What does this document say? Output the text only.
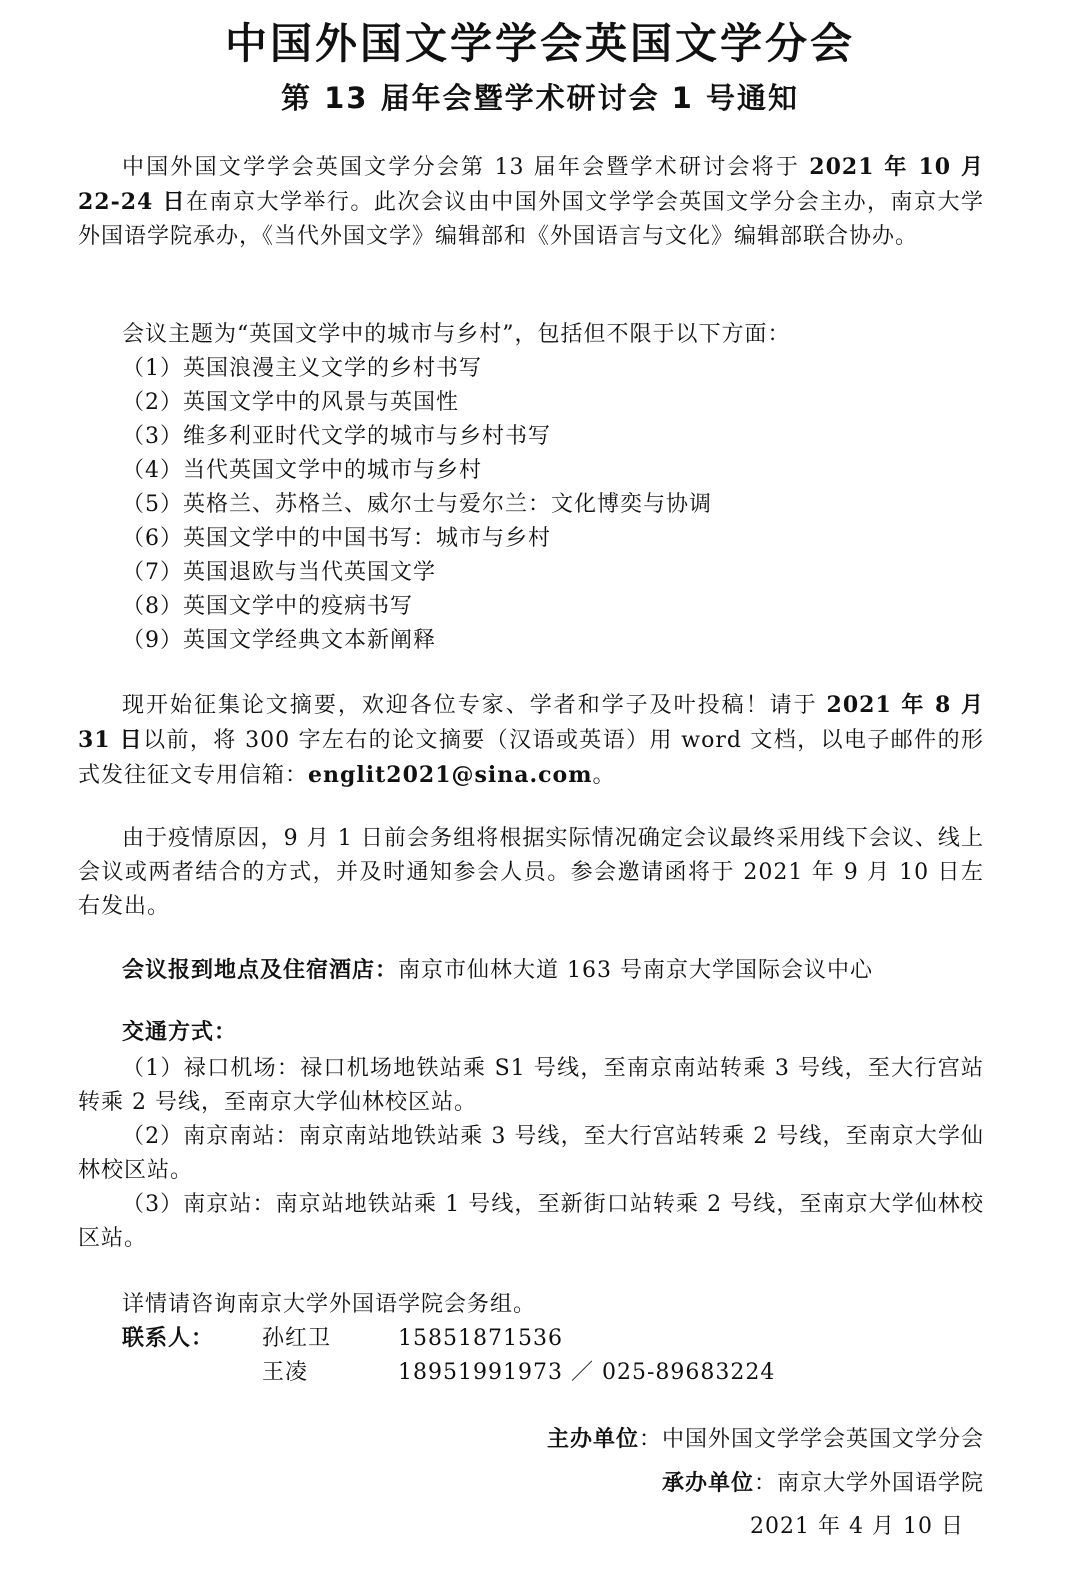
中国外国文学学会英国文学分会
第 13 届年会暨学术研讨会 1 号通知
中国外国文学学会英国文学分会第 13 届年会暨学术研讨会将于 2021 年 10 月 22-24 日在南京大学举行。此次会议由中国外国文学学会英国文学分会主办，南京大学外国语学院承办，《当代外国文学》编辑部和《外国语言与文化》编辑部联合协办。
会议主题为“英国文学中的城市与乡村”，包括但不限于以下方面：
（1）英国浪漫主义文学的乡村书写
（2）英国文学中的风景与英国性
（3）维多利亚时代文学的城市与乡村书写
（4）当代英国文学中的城市与乡村
（5）英格兰、苏格兰、威尔士与爱尔兰：文化博奕与协调
（6）英国文学中的中国书写：城市与乡村
（7）英国退欧与当代英国文学
（8）英国文学中的疫病书写
（9）英国文学经典文本新阐释
现开始征集论文摘要，欢迎各位专家、学者和学子及叶投稿！请于 2021 年 8 月 31 日以前，将 300 字左右的论文摘要（汉语或英语）用 word 文档，以电子邮件的形式发往征文专用信箱：englit2021@sina.com。
由于疫情原因，9 月 1 日前会务组将根据实际情况确定会议最终采用线下会议、线上会议或两者结合的方式，并及时通知参会人员。参会邀请函将于 2021 年 9 月 10 日左右发出。
会议报到地点及住宿酒店：南京市仙林大道 163 号南京大学国际会议中心
交通方式：
（1）禄口机场：禄口机场地铁站乘 S1 号线，至南京南站转乘 3 号线，至大行宫站转乘 2 号线，至南京大学仙林校区站。
（2）南京南站：南京南站地铁站乘 3 号线，至大行宫站转乘 2 号线，至南京大学仙林校区站。
（3）南京站：南京站地铁站乘 1 号线，至新街口站转乘 2 号线，至南京大学仙林校区站。
详情请咨询南京大学外国语学院会务组。
联系人： 孙红卫	15851871536
王凌	18951991973 ／ 025-89683224
主办单位：中国外国文学学会英国文学分会
承办单位：南京大学外国语学院
2021 年 4 月 10 日
